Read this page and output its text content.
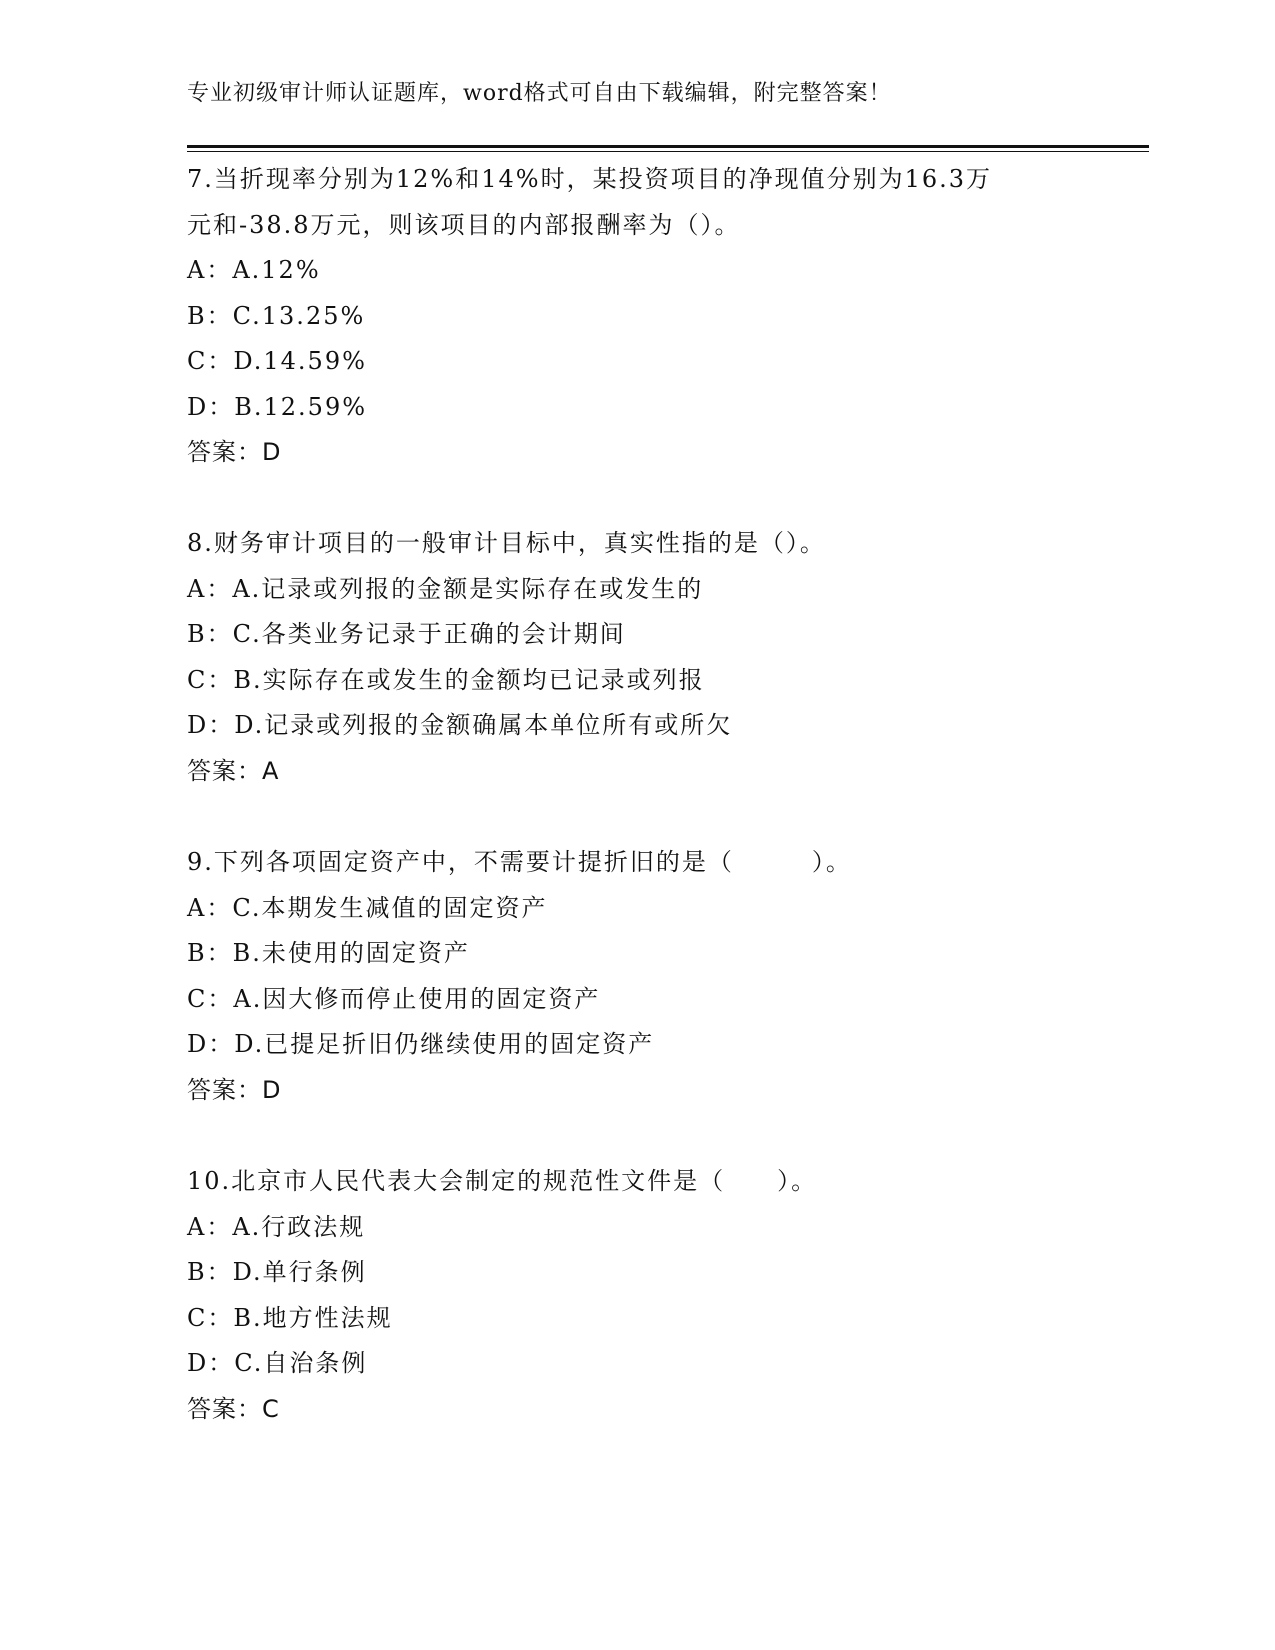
专业初级审计师认证题库，word格式可自由下载编辑，附完整答案！
7.当折现率分别为12%和14%时，某投资项目的净现值分别为16.3万
元和-38.8万元，则该项目的内部报酬率为（）。
A：A.12%
B：C.13.25%
C：D.14.59%
D：B.12.59%
答案：D
8.财务审计项目的一般审计目标中，真实性指的是（）。
A：A.记录或列报的金额是实际存在或发生的
B：C.各类业务记录于正确的会计期间
C：B.实际存在或发生的金额均已记录或列报
D：D.记录或列报的金额确属本单位所有或所欠
答案：A
9.下列各项固定资产中，不需要计提折旧的是（　　　）。
A：C.本期发生减值的固定资产
B：B.未使用的固定资产
C：A.因大修而停止使用的固定资产
D：D.已提足折旧仍继续使用的固定资产
答案：D
10.北京市人民代表大会制定的规范性文件是（　　）。
A：A.行政法规
B：D.单行条例
C：B.地方性法规
D：C.自治条例
答案：C
